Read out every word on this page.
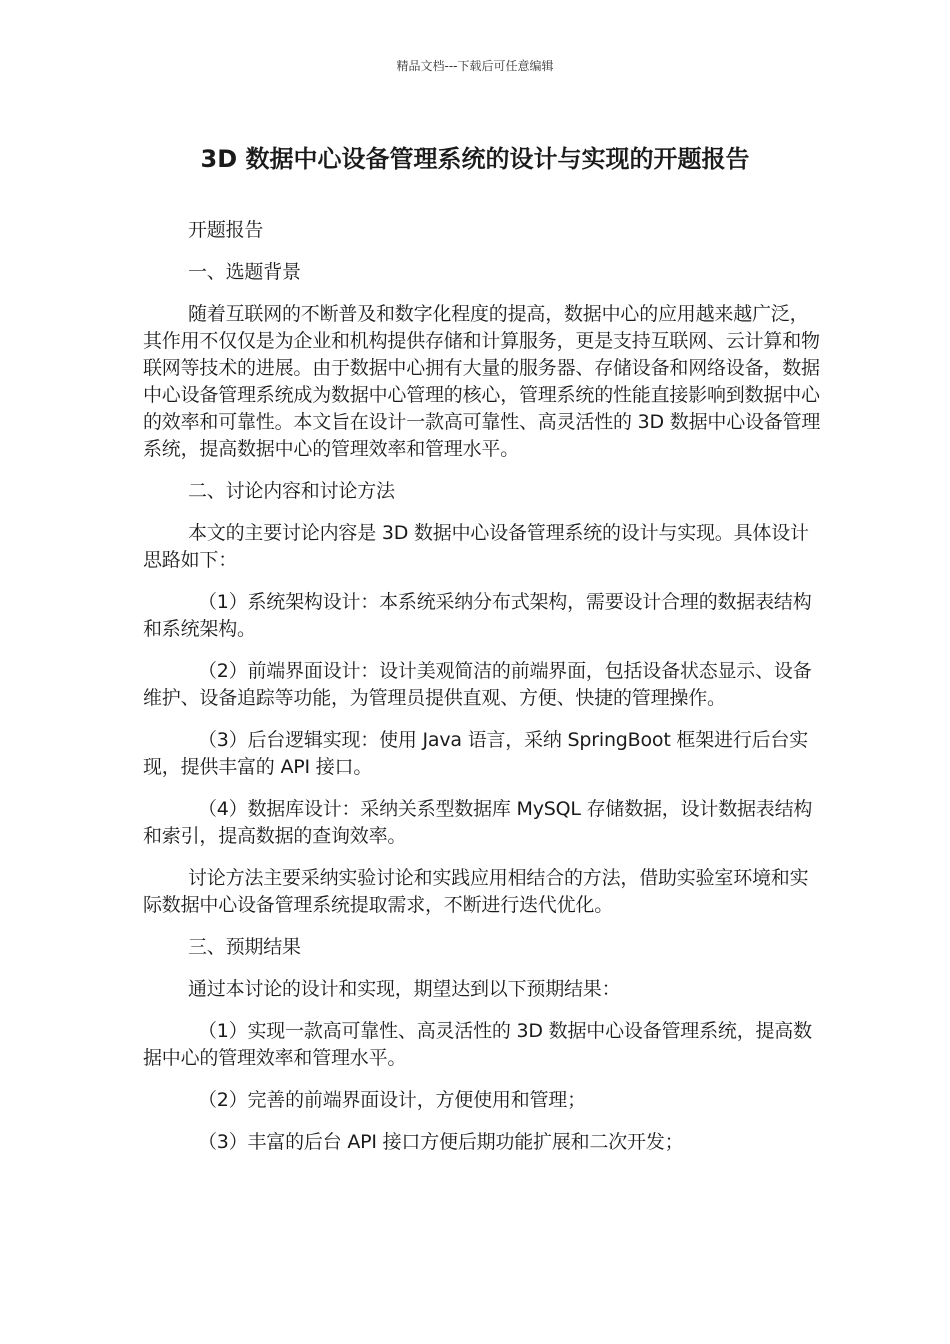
精品文档---下载后可任意编辑
3D 数据中心设备管理系统的设计与实现的开题报告

开题报告

一、选题背景

随着互联网的不断普及和数字化程度的提高，数据中心的应用越来越广泛，其作用不仅仅是为企业和机构提供存储和计算服务，更是支持互联网、云计算和物联网等技术的进展。由于数据中心拥有大量的服务器、存储设备和网络设备，数据中心设备管理系统成为数据中心管理的核心，管理系统的性能直接影响到数据中心的效率和可靠性。本文旨在设计一款高可靠性、高灵活性的 3D 数据中心设备管理系统，提高数据中心的管理效率和管理水平。

二、讨论内容和讨论方法

本文的主要讨论内容是 3D 数据中心设备管理系统的设计与实现。具体设计思路如下：

（1）系统架构设计：本系统采纳分布式架构，需要设计合理的数据表结构和系统架构。

（2）前端界面设计：设计美观简洁的前端界面，包括设备状态显示、设备维护、设备追踪等功能，为管理员提供直观、方便、快捷的管理操作。

（3）后台逻辑实现：使用 Java 语言，采纳 SpringBoot 框架进行后台实现，提供丰富的 API 接口。

（4）数据库设计：采纳关系型数据库 MySQL 存储数据，设计数据表结构和索引，提高数据的查询效率。

讨论方法主要采纳实验讨论和实践应用相结合的方法，借助实验室环境和实际数据中心设备管理系统提取需求，不断进行迭代优化。

三、预期结果

通过本讨论的设计和实现，期望达到以下预期结果：

（1）实现一款高可靠性、高灵活性的 3D 数据中心设备管理系统，提高数据中心的管理效率和管理水平。

（2）完善的前端界面设计，方便使用和管理；

（3）丰富的后台 API 接口方便后期功能扩展和二次开发；
